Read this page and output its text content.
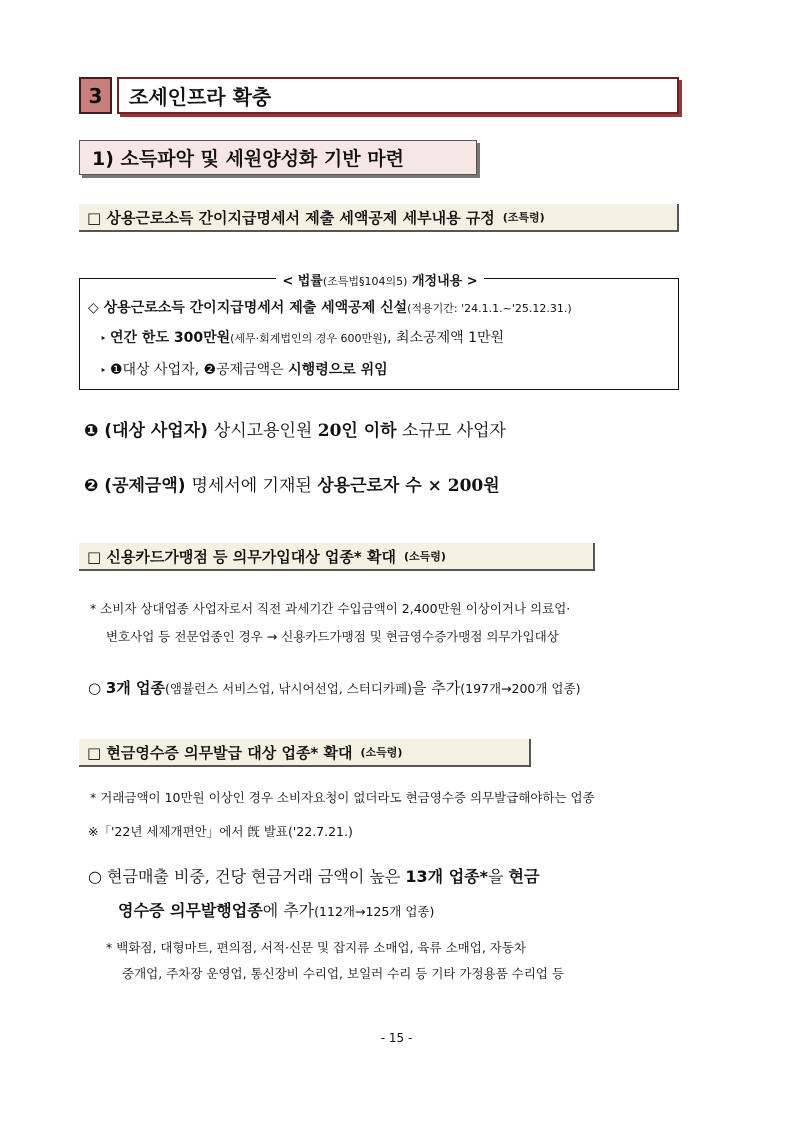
3	조세인프라 확충
1) 소득파악 및 세원양성화 기반 마련
□ 상용근로소득 간이지급명세서 제출 세액공제 세부내용 규정 (조특령)
< 법률(조특법§104의5) 개정내용 >
◇ 상용근로소득 간이지급명세서 제출 세액공제 신설(적용기간: '24.1.1.~'25.12.31.)
‣ 연간 한도 300만원(세무·회계법인의 경우 600만원), 최소공제액 1만원
‣ ❶대상 사업자, ❷공제금액은 시행령으로 위임
❶ (대상 사업자) 상시고용인원 20인 이하 소규모 사업자
❷ (공제금액) 명세서에 기재된 상용근로자 수 × 200원
□ 신용카드가맹점 등 의무가입대상 업종* 확대 (소득령)
* 소비자 상대업종 사업자로서 직전 과세기간 수입금액이 2,400만원 이상이거나 의료업·
변호사업 등 전문업종인 경우 → 신용카드가맹점 및 현금영수증가맹점 의무가입대상
○ 3개 업종(앰뷸런스 서비스업, 낚시어선업, 스터디카페)을 추가(197개→200개 업종)
□ 현금영수증 의무발급 대상 업종* 확대 (소득령)
* 거래금액이 10만원 이상인 경우 소비자요청이 없더라도 현금영수증 의무발급해야하는 업종
※「'22년 세제개편안」에서 旣 발표('22.7.21.)
○ 현금매출 비중, 건당 현금거래 금액이 높은 13개 업종*을 현금
영수증 의무발행업종에 추가(112개→125개 업종)
* 백화점, 대형마트, 편의점, 서적·신문 및 잡지류 소매업, 육류 소매업, 자동차
중개업, 주차장 운영업, 통신장비 수리업, 보일러 수리 등 기타 가정용품 수리업 등
- 15 -
